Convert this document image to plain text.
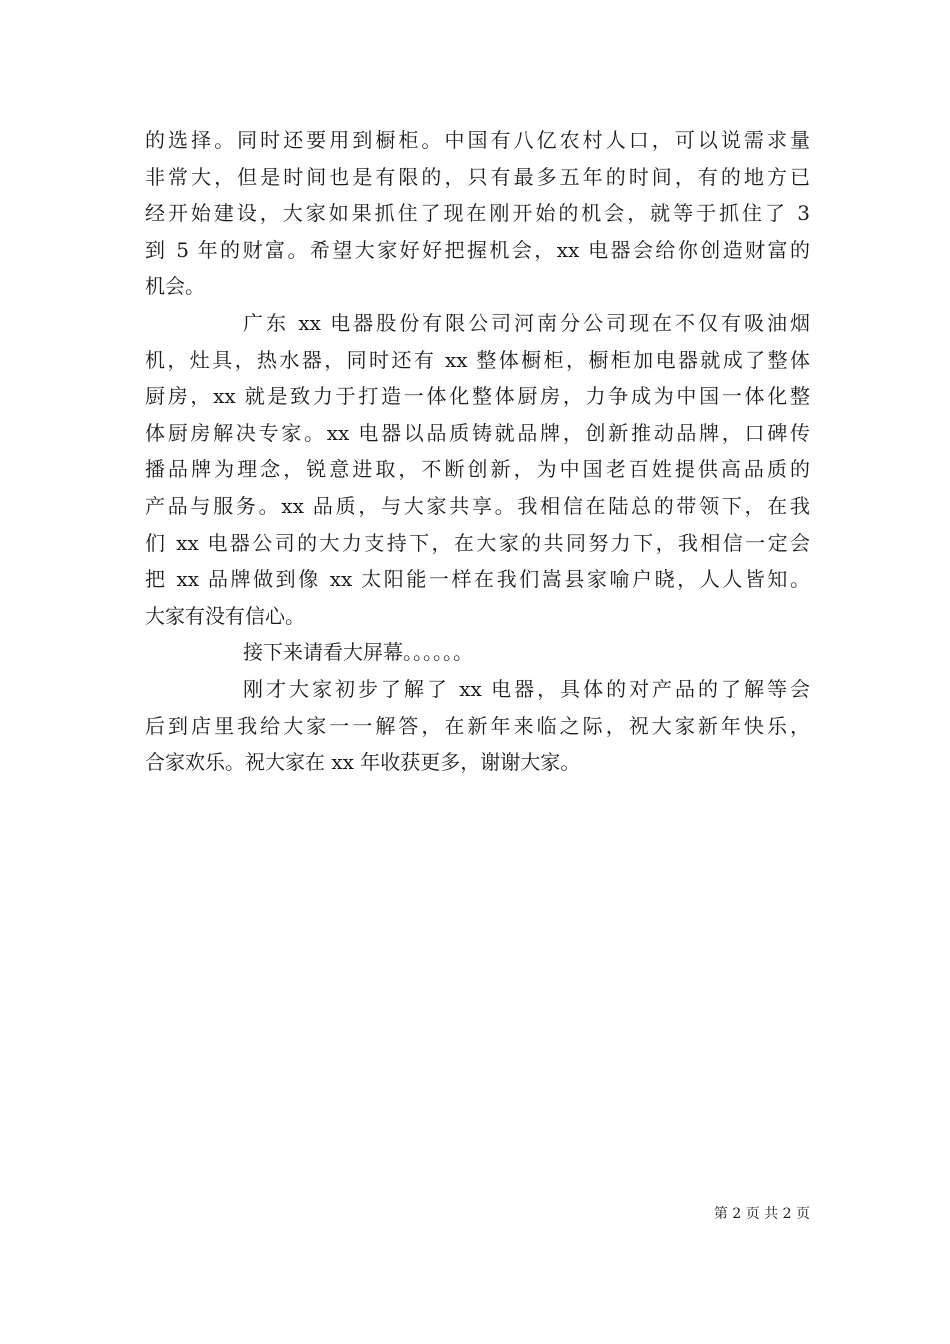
的选择。同时还要用到橱柜。中国有八亿农村人口，可以说需求量
非常大，但是时间也是有限的，只有最多五年的时间，有的地方已
经开始建设，大家如果抓住了现在刚开始的机会，就等于抓住了 3
到 5 年的财富。希望大家好好把握机会，xx 电器会给你创造财富的
机会。
广东 xx 电器股份有限公司河南分公司现在不仅有吸油烟
机，灶具，热水器，同时还有 xx 整体橱柜，橱柜加电器就成了整体
厨房，xx 就是致力于打造一体化整体厨房，力争成为中国一体化整
体厨房解决专家。xx 电器以品质铸就品牌，创新推动品牌，口碑传
播品牌为理念，锐意进取，不断创新，为中国老百姓提供高品质的
产品与服务。xx 品质，与大家共享。我相信在陆总的带领下，在我
们 xx 电器公司的大力支持下，在大家的共同努力下，我相信一定会
把 xx 品牌做到像 xx 太阳能一样在我们嵩县家喻户晓，人人皆知。
大家有没有信心。
接下来请看大屏幕。。。。。。
刚才大家初步了解了 xx 电器，具体的对产品的了解等会
后到店里我给大家一一解答，在新年来临之际，祝大家新年快乐，
合家欢乐。祝大家在 xx 年收获更多，谢谢大家。
第 2 页 共 2 页
